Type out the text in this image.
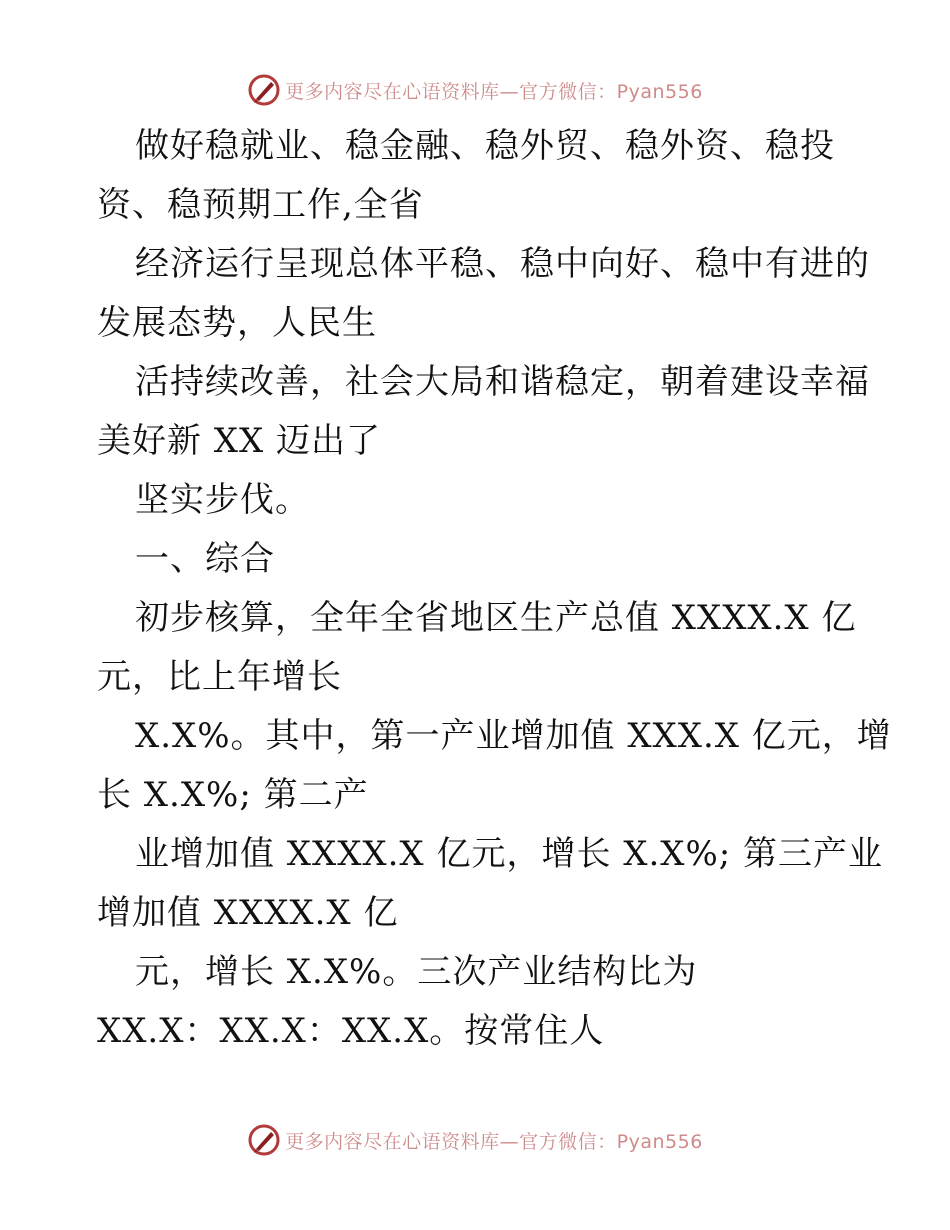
更多内容尽在心语资料库—官方微信：Pyan556
做好稳就业、稳金融、稳外贸、稳外资、稳投
资、稳预期工作,全省
经济运行呈现总体平稳、稳中向好、稳中有进的
发展态势，人民生
活持续改善，社会大局和谐稳定，朝着建设幸福
美好新 XX 迈出了
坚实步伐。
一、综合
初步核算，全年全省地区生产总值 XXXX.X 亿
元，比上年增长
X.X%。其中，第一产业增加值 XXX.X 亿元，增
长 X.X%; 第二产
业增加值 XXXX.X 亿元，增长 X.X%; 第三产业
增加值 XXXX.X 亿
元，增长 X.X%。三次产业结构比为
XX.X：XX.X：XX.X。按常住人
更多内容尽在心语资料库—官方微信：Pyan556
